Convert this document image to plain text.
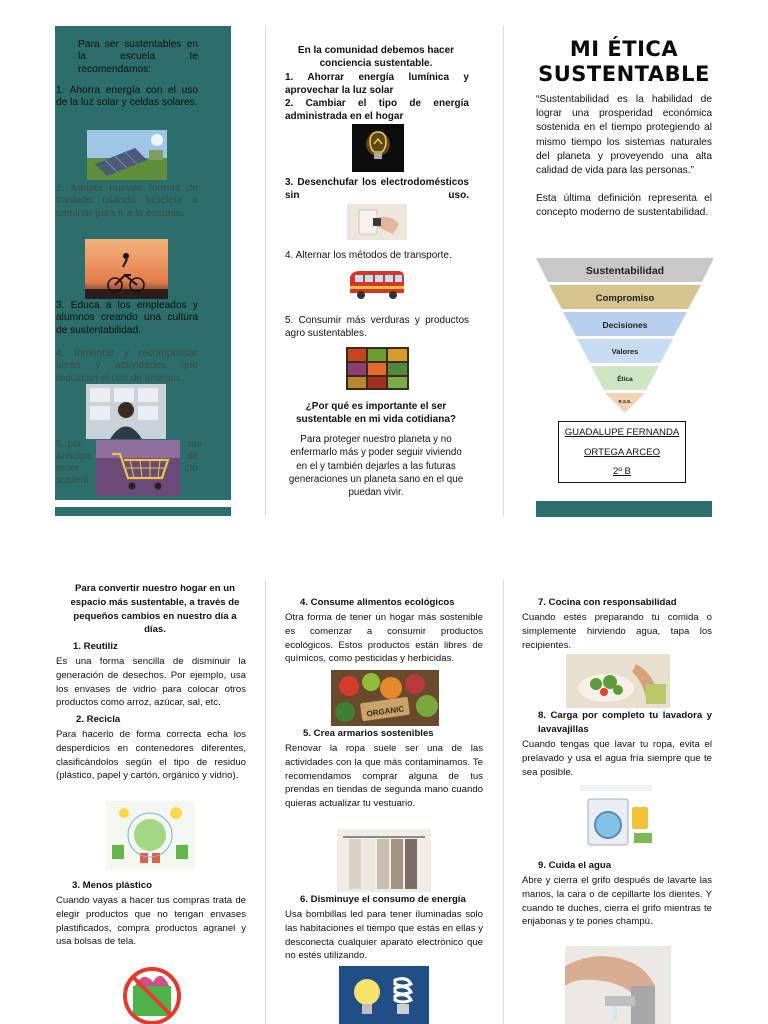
Para ser sustentables en la escuela te recomendamos:
1. Ahorra energía con el uso de la luz solar y celdas solares.
2. Adopta nuevas formas de traslado usando bicicleta o caminar para ir a la escuela.
3. Educa a los empleados y alumnos creando una cultura de sustentabilidad.
4. fomentar y recompensar ideas y actividades que reduzcan el uso de energía.
5. pla	ras
anticipa	de
tener	cto
sosteni
En la comunidad debemos hacer conciencia sustentable.
1. Ahorrar energía lumínica y aprovechar la luz solar
2. Cambiar el tipo de energía administrada en el hogar
3. Desenchufar los electrodomésticos sin uso.
4. Alternar los métodos de transporte.
5. Consumir más verduras y productos agro sustentables.
¿Por qué es importante el ser sustentable en mi vida cotidiana?
Para proteger nuestro planeta y no enfermarlo más y poder seguir viviendo en el y también dejarles a las futuras generaciones un planeta sano en el que puedan vivir.
MI ÉTICA
SUSTENTABLE
“Sustentabilidad es la habilidad de lograr una prosperidad económica sostenida en el tiempo protegiendo al mismo tiempo los sistemas naturales del planeta y proveyendo una alta calidad de vida para las personas.”
Esta última definición representa el concepto moderno de sustentabilidad.
Sustentabilidad
Compromiso
Decisiones
Valores
Ética
R.S.E.
GUADALUPE FERNANDA
ORTEGA ARCEO
2º B
Para convertir nuestro hogar en un espacio más sustentable, a través de pequeños cambios en nuestro día a días.
1. Reutiliz
Es una forma sencilla de disminuir la generación de desechos. Por ejemplo, usa los envases de vidrio para colocar otros productos como arroz, azúcar, sal, etc.
2. Recicla
Para hacerlo de forma correcta echa los desperdicios en contenedores diferentes, clasificándolos según el tipo de residuo (plástico, papel y cartón, orgánico y vidrio).
3. Menos plástico
Cuando vayas a hacer tus compras trata de elegir productos que no tengan envases plastificados, compra productos agranel y usa bolsas de tela.
4. Consume alimentos ecológicos
Otra forma de tener un hogar más sostenible es comenzar a consumir productos ecológicos. Estos productos están libres de químicos, como pesticidas y herbicidas.
ORGANIC
5. Crea armarios sostenibles
Renovar la ropa suele ser una de las actividades con la que más contaminamos. Te recomendamos comprar alguna de tus prendas en tiendas de segunda mano cuando quieras actualizar tu vestuario.
6. Disminuye el consumo de energía
Usa bombillas led para tener iluminadas solo las habitaciones el tiempo que estás en ellas y desconecta cualquier aparato electrónico que no estés utilizando.
7. Cocina con responsabilidad
Cuando estés preparando tu comida o simplemente hirviendo agua, tapa los recipientes.
8. Carga por completo tu lavadora y lavavajillas
Cuando tengas que lavar tu ropa, evita el prelavado y usa el agua fría siempre que te sea posible.
9. Cuida el agua
Abre y cierra el grifo después de lavarte las manos, la cara o de cepillarte los dientes. Y cuando te duches, cierra el grifo mientras te enjabonas y te pones champú.
